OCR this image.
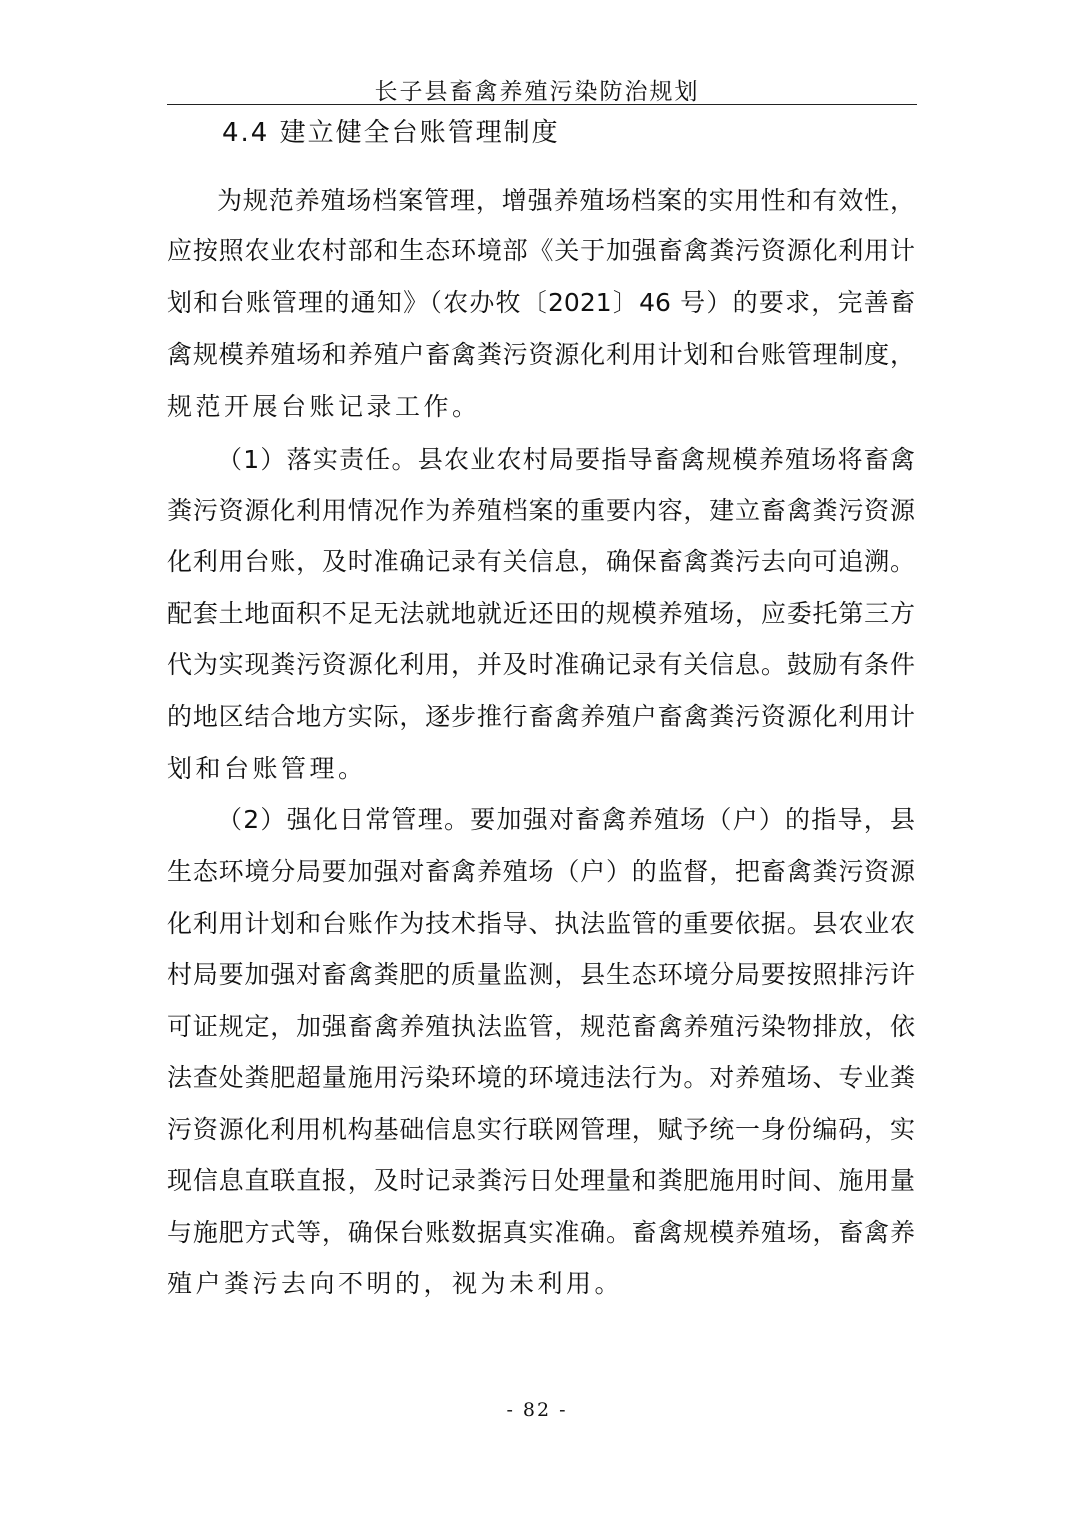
长子县畜禽养殖污染防治规划
4.4 建立健全台账管理制度
为规范养殖场档案管理，增强养殖场档案的实用性和有效性，
应按照农业农村部和生态环境部《关于加强畜禽粪污资源化利用计
划和台账管理的通知》（农办牧〔2021〕46 号）的要求，完善畜
禽规模养殖场和养殖户畜禽粪污资源化利用计划和台账管理制度，
规范开展台账记录工作。
（1）落实责任。县农业农村局要指导畜禽规模养殖场将畜禽
粪污资源化利用情况作为养殖档案的重要内容，建立畜禽粪污资源
化利用台账，及时准确记录有关信息，确保畜禽粪污去向可追溯。
配套土地面积不足无法就地就近还田的规模养殖场，应委托第三方
代为实现粪污资源化利用，并及时准确记录有关信息。鼓励有条件
的地区结合地方实际，逐步推行畜禽养殖户畜禽粪污资源化利用计
划和台账管理。
（2）强化日常管理。要加强对畜禽养殖场（户）的指导，县
生态环境分局要加强对畜禽养殖场（户）的监督，把畜禽粪污资源
化利用计划和台账作为技术指导、执法监管的重要依据。县农业农
村局要加强对畜禽粪肥的质量监测，县生态环境分局要按照排污许
可证规定，加强畜禽养殖执法监管，规范畜禽养殖污染物排放，依
法查处粪肥超量施用污染环境的环境违法行为。对养殖场、专业粪
污资源化利用机构基础信息实行联网管理，赋予统一身份编码，实
现信息直联直报，及时记录粪污日处理量和粪肥施用时间、施用量
与施肥方式等，确保台账数据真实准确。畜禽规模养殖场，畜禽养
殖户粪污去向不明的，视为未利用。
- 82 -
